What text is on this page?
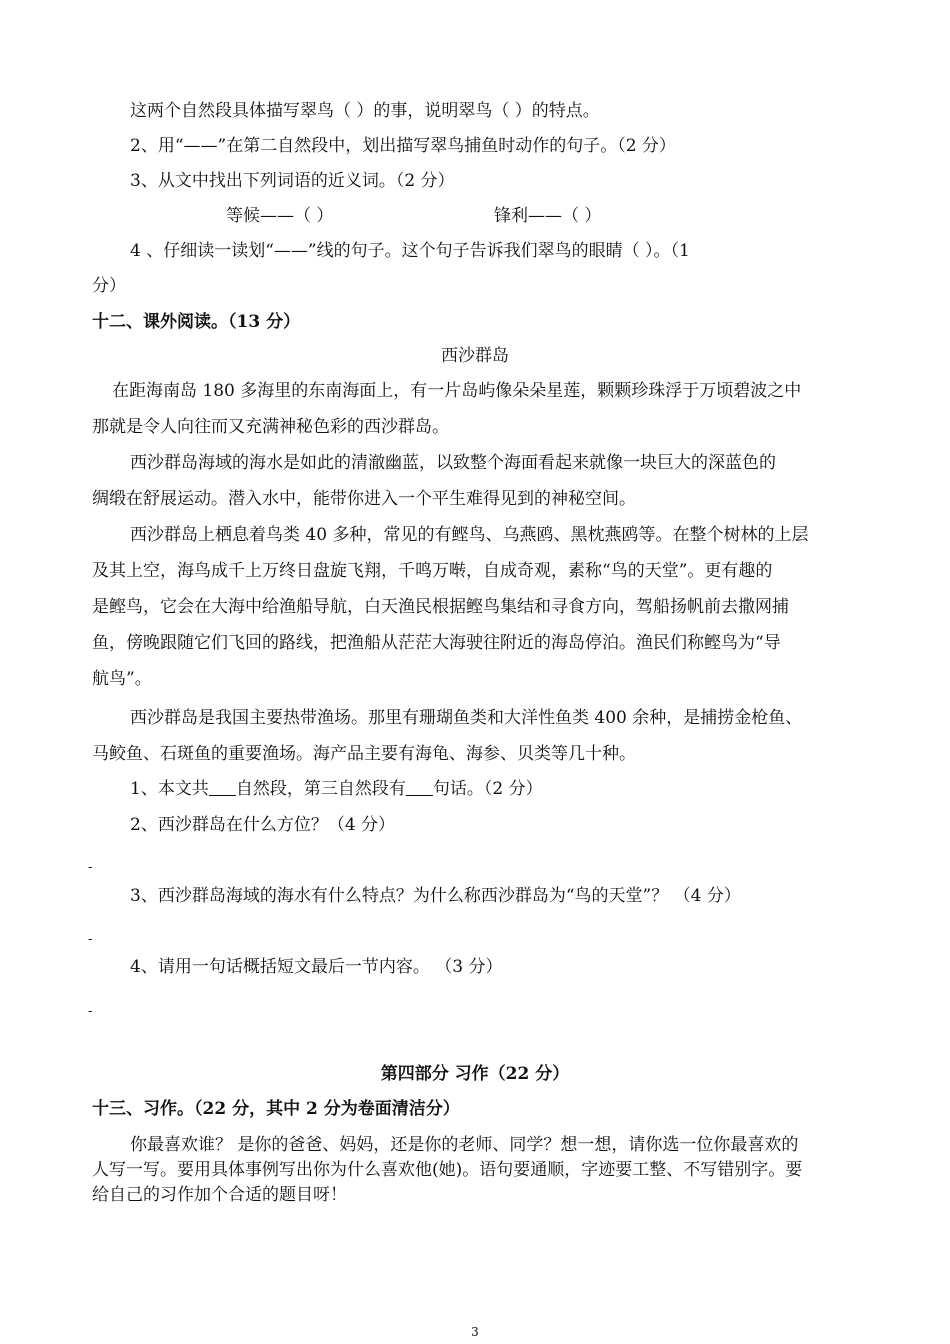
这两个自然段具体描写翠鸟（ ）的事，说明翠鸟（ ）的特点。
2、用“——”在第二自然段中，划出描写翠鸟捕鱼时动作的句子。（2 分）
3、从文中找出下列词语的近义词。（2 分）
等候——（ ）	锋利——（ ）
4 、仔细读一读划“——”线的句子。这个句子告诉我们翠鸟的眼睛（ ）。（1
分）
十二、课外阅读。（13 分）
西沙群岛
在距海南岛 180 多海里的东南海面上，有一片岛屿像朵朵星莲，颗颗珍珠浮于万顷碧波之中
那就是令人向往而又充满神秘色彩的西沙群岛。
西沙群岛海域的海水是如此的清澈幽蓝，以致整个海面看起来就像一块巨大的深蓝色的
绸缎在舒展运动。潜入水中，能带你进入一个平生难得见到的神秘空间。
西沙群岛上栖息着鸟类 40 多种，常见的有鲣鸟、乌燕鸥、黑枕燕鸥等。在整个树林的上层
及其上空，海鸟成千上万终日盘旋飞翔，千鸣万啭，自成奇观，素称“鸟的天堂”。更有趣的
是鲣鸟，它会在大海中给渔船导航，白天渔民根据鲣鸟集结和寻食方向，驾船扬帆前去撒网捕
鱼，傍晚跟随它们飞回的路线，把渔船从茫茫大海驶往附近的海岛停泊。渔民们称鲣鸟为“导
航鸟”。
西沙群岛是我国主要热带渔场。那里有珊瑚鱼类和大洋性鱼类 400 余种，是捕捞金枪鱼、
马鲛鱼、石斑鱼的重要渔场。海产品主要有海龟、海参、贝类等几十种。
1、本文共 自然段，第三自然段有 句话。（2 分）
2、西沙群岛在什么方位？（4 分）
-
3、西沙群岛海域的海水有什么特点？为什么称西沙群岛为“鸟的天堂”？ （4 分）
-
4、请用一句话概括短文最后一节内容。 （3 分）
-
第四部分 习作（22 分）
十三、习作。（22 分，其中 2 分为卷面清洁分）
你最喜欢谁？ 是你的爸爸、妈妈，还是你的老师、同学？想一想，请你选一位你最喜欢的
人写一写。要用具体事例写出你为什么喜欢他(她)。语句要通顺，字迹要工整、不写错别字。要
给自己的习作加个合适的题目呀！
3
